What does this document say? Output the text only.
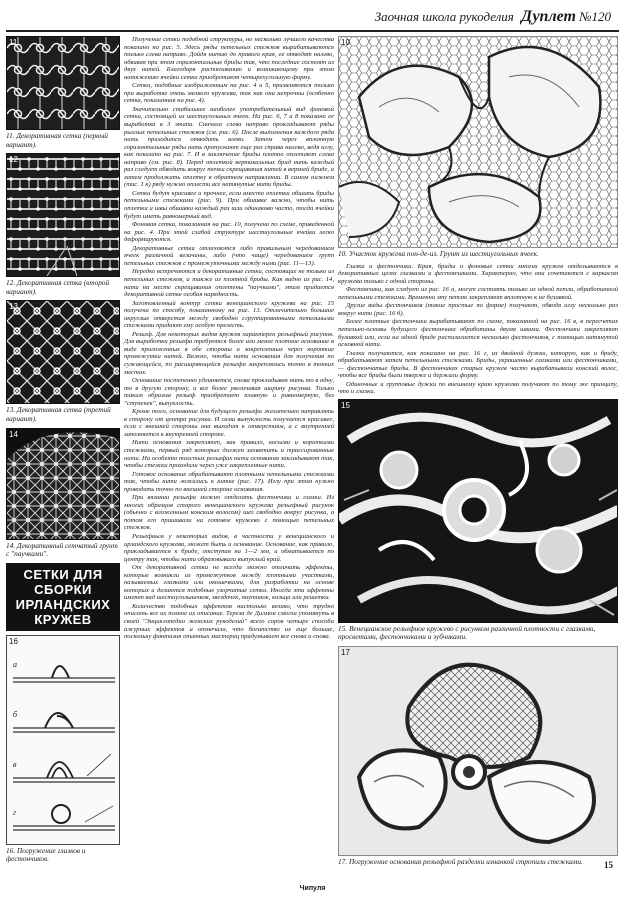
Заочная школа рукоделия Дуплет №120
11
11. Декоративная сетка (первый вариант).
12
12. Декоративная сетка (второй вариант).
13
13. Декоративная сетка (третий вариант).
14
14. Декоративный сетчатый грунт с "паучками".
СЕТКИ ДЛЯ СБОРКИ ИРЛАНДСКИХ КРУЖЕВ
16
а
б
в
г
16. Погружение глазков и фестончиков.

Получение сетки подобной структуры, но несколько лучшего качества показано на рис. 5. Здесь ряды петельных стежков вырабатываются только слева направо. Дойдя нитью до правого края, ее отводят налево, обвивая при этом горизонтальные бриды так, что последние состоят из двух нитей. Благодаря растягиванию и возникающему при этом натяжению ячейки сетки приобретают четырехугольную форму.

Сетки, подобные изображенным на рис. 4 и 5, применяются только при выработке очень мелкого кружева, так как они непрочны (особенно сетка, показанная на рис. 4).

Значительно стабильнее наиболее употребительный вид фоновой сетки, состоящей из шестиугольных ячеек. На рис. 6, 7 и 8 показана ее выработка в 3 этапа. Сначала слева направо прокладывают ряды рыхлых петельных стежков (см. рис. 6). После выполнения каждого ряда нить приходится отводить влево. Затем через вплотную горизонтальные ряды нить пропускают еще раз справа налево, ведя иглу, как показано на рис. 7. И в заключение бриды плотно оплетают слева направо (см. рис. 8). Перед оплеткой вертикальных брид нить каждый раз следует обводить вокруг точки скрещивания нитей в верхней бриде, а затем продолжать оплетку в обратном направлении. В самом нижнем (тис. 1 к) ряду нужно оплести все натянутые нити бриды.

Сетки будут красивее и прочнее, если вместо оплетки обшить бриды петельными стежками (рис. 9). При обшивке важно, чтобы нить оплетки и швы обшивки каждый раз шли одинаково часто, тогда ячейки будут иметь равномерный вид.

Фоновая сетка, показанная на рис. 10, получена по схеме, приведенной на рис. 4. При этой слабой структуре шестиугольные ячейки легко деформируются.

Декоративные сетки отличаются либо правильным чередованием ячеек различной величины, либо (что чаще) чередованием групп петельных стежков с промежуточными между ними (рис. 11—13).

Нередко встречаются и декоративные сетки, состоящие не только из петельных стежков, а также из плотной бриды. Как видно из рис. 14, нити на месте скрещивания оплетены "паучками", этим придается декоративной сетке особая нарядность.

Заготовленный контур сетки венецианского кружева на рис. 15 получена по способу, показанному на рис. 13. Отличительно большие округлые отверстия между свободно сгруппированными петельными стежками придают ему особую прелесть.

Рельеф. Для некоторых видов кружев характерен рельефный рисунок. Для выработки рельефа требуются более или менее плотное основание в виде проложенных в обе стороны и закрепленных через короткие промежутки нитей. Важно, чтобы нити основания для получения по сужающейся, по расширяющейся рельефа закреплялись точно в тонких местах.

Основание постепенно удлиняется, снова прокладывая нить то в одну, то в другую сторону, и все более увеличивая ширину рисунка. Только таким образом рельеф приобретает плавную и равномерную, без "ступенек", выпуклость.

Кроме того, основание для будущего рельефа желательно направлять в сторону от центра рисунка. И сама выпуклость получается красивее, если с внешней стороны она выходит к отверстиям, а с внутренней заполняется к внутренней стороне.

Нити основания закрепляют, как правило, косыми и короткими стежками, первый ряд которых должен захватить и трассированные нити. На особенно толстых рельефах нити основания закладывают так, чтобы стежки проходили через уже закрепленные нити.

Готовое основание обрабатывают плотными петельными стежками так, чтобы нити ложились к нитке (рис. 17). Иглу при этом нужно проводить точно по внешней стороне основания.

При вязании рельефа можно отделать фестончики и глазки. Из многих образцов старого венецианского кружева рельефный рисунок (обычно с вложенным конским волосом) шел свободно вокруг рисунка, а потом его пришивали на готовое кружево с помощью петельных стежков.

Рельефным у некоторых видов, в частности у венецианского и ирландского кружева, может быть и основание. Основание, как правило, прикладывается к бриде, отступая на 1—2 мм, и обматывается по центру так, чтобы нити образовывали выпуклый край.

От декоративной сетки не всегда можно отличить эффекты, которые возникли из промежутков между плотными участками, называемых глазками или окошечками, для разработки на основе которых и делаются подобные узорчатые сетки. Иногда эти эффекты имеют вид шестиугольничков, звездочек, паутинок, кольца или решетки.

Количество подобных эффектов настолько велико, что трудно описать все их полное их описание. Тереза де Дилмон смогла упомянуть в своей "Энциклопедии женских рукоделий" всего сорок четыре способа ажурных эффектов и отмечала, что богатство их еще больше, поскольку фантазия опытных мастериц придумывает все снова и снова.

10
10. Участок кружева пон-де-из. Грунт из шестиугольных ячеек.

Глазки и фестончики. Края, бриды и фоновые сетки многих кружев отделываются в декоративных целях глазками и фестончиками. Характерно, что они сочетаются с каркасом кружева только с одной стороны.

Фестончики, как следует из рис. 16 а, могут состоять только из одной петли, обработанной петельными стежками. Временно эту петлю закрепляют вплотную к не булавкой.

Другие виды фестончиков (такие простые по форме) получают, обводя иглу несколько раз вокруг нити (рис. 16 б).

Более плотные фестончики вырабатывают по схеме, показанной на рис. 16 в, в пересчетах петельно-основы будущего фестончика обработаны двумя швами. Фестончики закрепляют булавкой или, если на одной бриде располагается несколько фестончиков, с помощью натянутой основной нити.

Глазки получаются, как показано на рис. 16 г, из двойной дужки, которую, как и бриду, обрабатывают затем петельными стежками. Бриды, украшенные глазками или фестончиками, — фестончатые бриды. В фестончиках старых кружев часто вырабатывали конский волос, чтобы все бриды были тверже и держали форму.

Одиночные и групповые дужки по внешнему краю кружева получают по тому же принципу, что и глазки.

15
15. Венецианское рельефное кружево с рисунком различной плотности с глазками, просветами, фестончиками и зубчиками.
17
17. Погружение основания рельефной разделки изнанкой стропили стежками.	15
Чипуля
